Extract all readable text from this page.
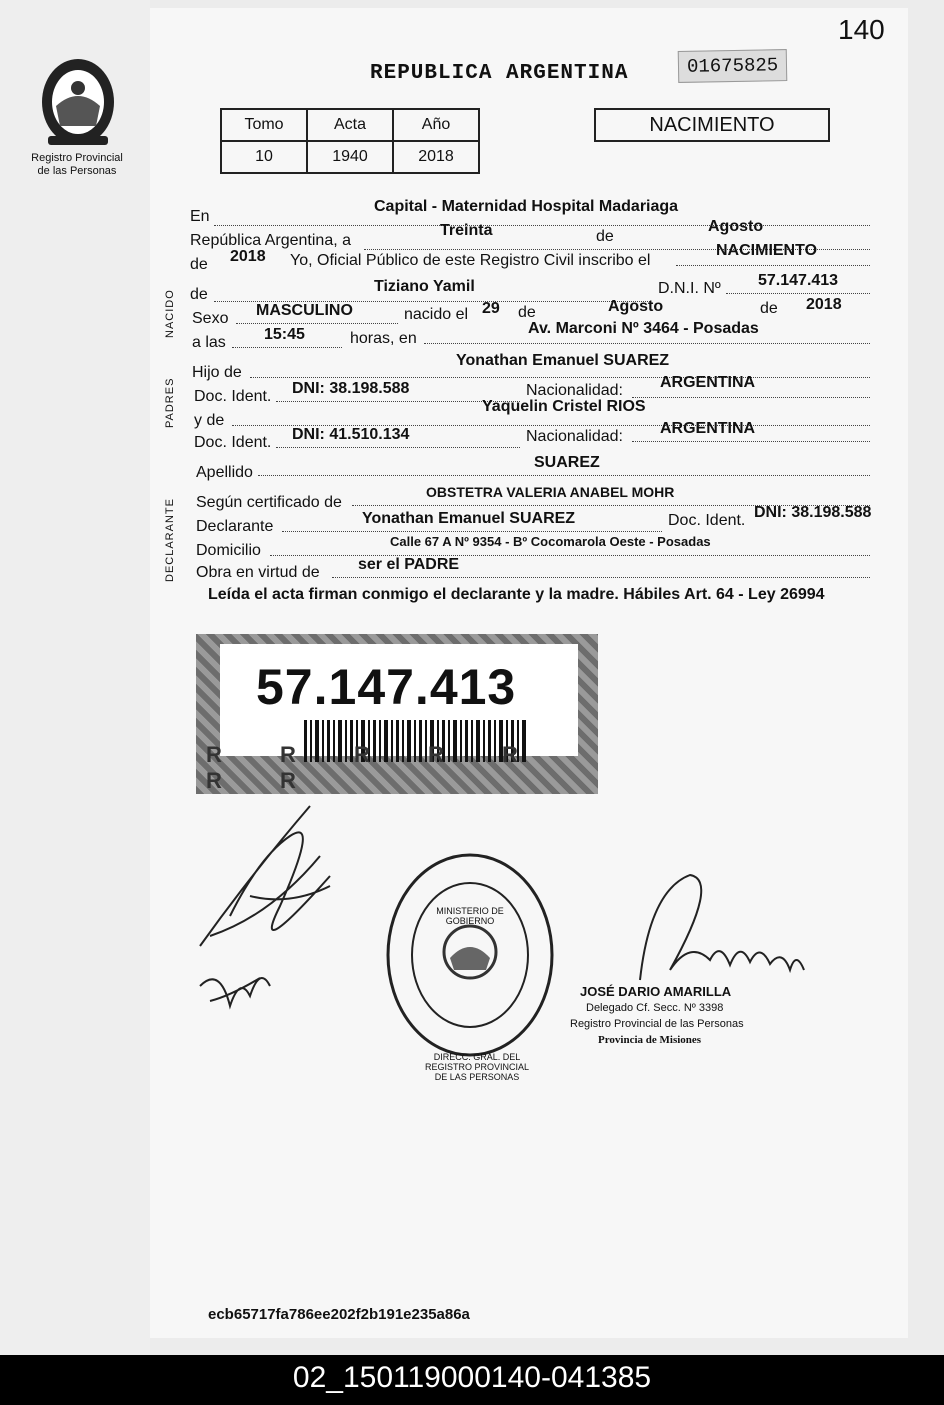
140
Registro Provincial
de las Personas
REPUBLICA ARGENTINA	01675825
Tomo	Acta	Año
10	1940	2018
NACIMIENTO
NACIDO
PADRES
DECLARANTE
En
Capital - Maternidad Hospital Madariaga
República Argentina, a
Treinta	de
Agosto
de 2018 Yo, Oficial Público de este Registro Civil inscribo el
NACIMIENTO
de	Tiziano Yamil	D.N.I. Nº 57.147.413
Sexo MASCULINO	nacido el 29 de	Agosto	de 2018
a las 15:45	horas, en
Av. Marconi Nº 3464 - Posadas
Hijo de
Yonathan Emanuel SUAREZ
Doc. Ident. DNI: 38.198.588	Nacionalidad: ARGENTINA
y de
Yaquelin Cristel RIOS
Doc. Ident. DNI: 41.510.134	Nacionalidad: ARGENTINA
Apellido
SUAREZ
Según certificado de
OBSTETRA VALERIA ANABEL MOHR
Declarante	Yonathan Emanuel SUAREZ	Doc. Ident. DNI: 38.198.588
Domicilio
Calle 67 A Nº 9354 - Bº Cocomarola Oeste - Posadas
Obra en virtud de ser el PADRE
Leída el acta firman conmigo el declarante y la madre. Hábiles Art. 64 - Ley 26994
57.147.413
R R R R R R R
DIRECC. GRAL. DEL REGISTRO PROVINCIAL DE LAS PERSONAS
MINISTERIO DE GOBIERNO
JOSÉ DARIO AMARILLA
Delegado Cf. Secc. Nº 3398
Registro Provincial de las Personas
Provincia de Misiones
ecb65717fa786ee202f2b191e235a86a
02_150119000140-041385
